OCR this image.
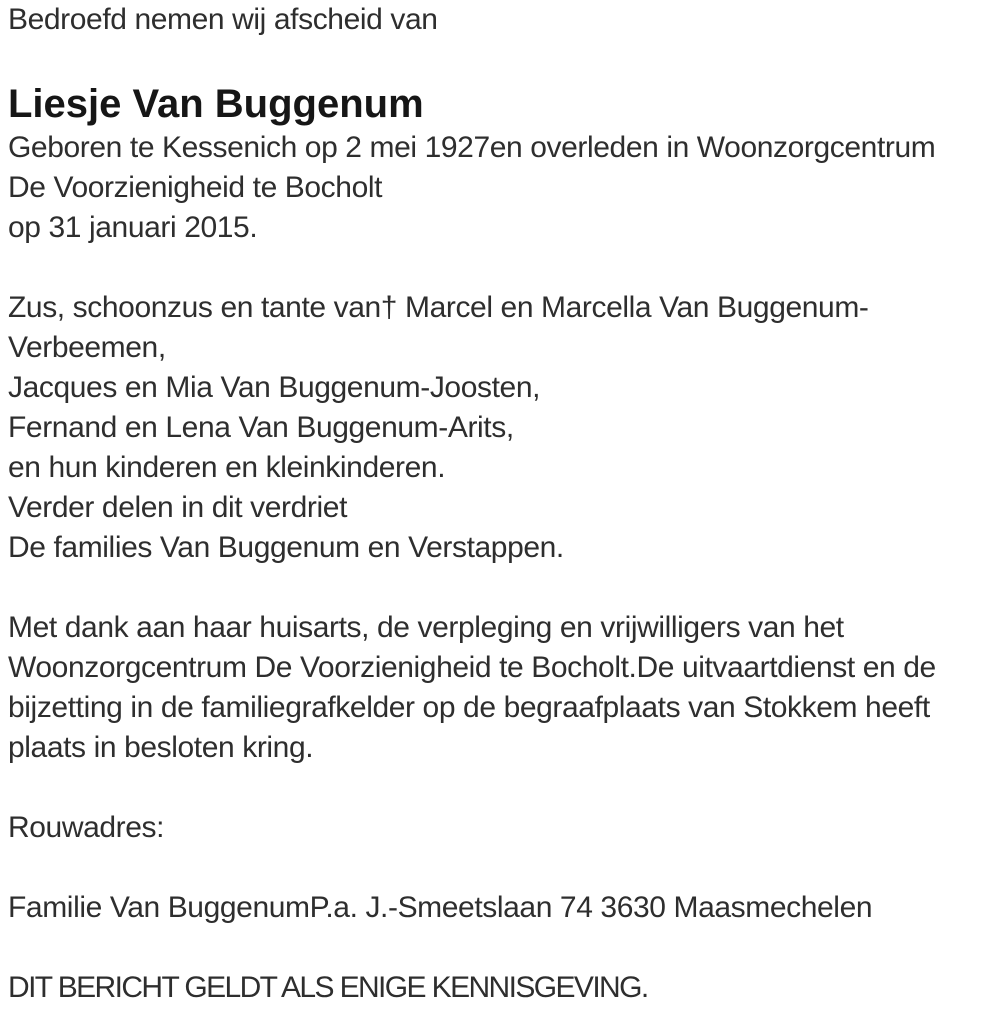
Bedroefd nemen wij afscheid van
Liesje Van Buggenum
Geboren te Kessenich op 2 mei 1927en overleden in Woonzorgcentrum
De Voorzienigheid te Bocholt
op 31 januari 2015.
Zus, schoonzus en tante van† Marcel en Marcella Van Buggenum-
Verbeemen,
Jacques en Mia Van Buggenum-Joosten,
Fernand en Lena Van Buggenum-Arits,
en hun kinderen en kleinkinderen.
Verder delen in dit verdriet
De families Van Buggenum en Verstappen.
Met dank aan haar huisarts, de verpleging en vrijwilligers van het
Woonzorgcentrum De Voorzienigheid te Bocholt.De uitvaartdienst en de
bijzetting in de familiegrafkelder op de begraafplaats van Stokkem heeft
plaats in besloten kring.
Rouwadres:
Familie Van BuggenumP.a. J.-Smeetslaan 74 3630 Maasmechelen
DIT BERICHT GELDT ALS ENIGE KENNISGEVING.
